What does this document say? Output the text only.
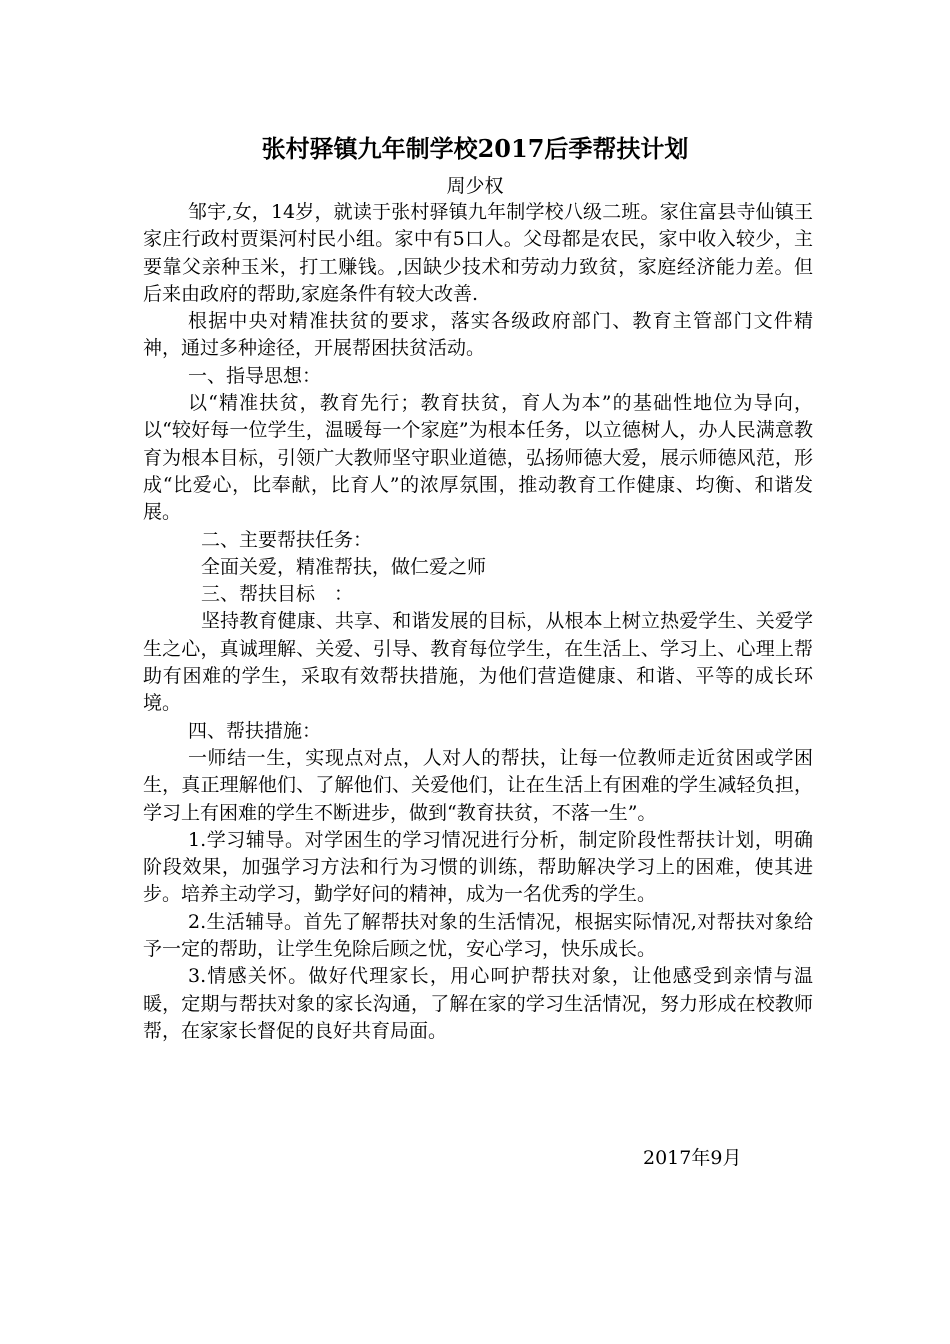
张村驿镇九年制学校2017后季帮扶计划
周少权

邹宇,女，14岁，就读于张村驿镇九年制学校八级二班。家住富县寺仙镇王家庄行政村贾渠河村民小组。家中有5口人。父母都是农民，家中收入较少，主要靠父亲种玉米，打工赚钱。,因缺少技术和劳动力致贫，家庭经济能力差。但后来由政府的帮助,家庭条件有较大改善.

根据中央对精准扶贫的要求，落实各级政府部门、教育主管部门文件精神，通过多种途径，开展帮困扶贫活动。

一、指导思想：

以“精准扶贫，教育先行；教育扶贫，育人为本”的基础性地位为导向，以“较好每一位学生，温暖每一个家庭”为根本任务，以立德树人，办人民满意教育为根本目标，引领广大教师坚守职业道德，弘扬师德大爱，展示师德风范，形成“比爱心，比奉献，比育人”的浓厚氛围，推动教育工作健康、均衡、和谐发展。

二、主要帮扶任务：

全面关爱，精准帮扶，做仁爱之师

三、帮扶目标　：

坚持教育健康、共享、和谐发展的目标，从根本上树立热爱学生、关爱学生之心，真诚理解、关爱、引导、教育每位学生，在生活上、学习上、心理上帮助有困难的学生，采取有效帮扶措施，为他们营造健康、和谐、平等的成长环境。

四、帮扶措施：

一师结一生，实现点对点，人对人的帮扶，让每一位教师走近贫困或学困生，真正理解他们、了解他们、关爱他们，让在生活上有困难的学生减轻负担，学习上有困难的学生不断进步，做到“教育扶贫，不落一生”。

1.学习辅导。对学困生的学习情况进行分析，制定阶段性帮扶计划，明确阶段效果，加强学习方法和行为习惯的训练，帮助解决学习上的困难，使其进步。培养主动学习，勤学好问的精神，成为一名优秀的学生。

2.生活辅导。首先了解帮扶对象的生活情况，根据实际情况,对帮扶对象给予一定的帮助，让学生免除后顾之忧，安心学习，快乐成长。

3.情感关怀。做好代理家长，用心呵护帮扶对象，让他感受到亲情与温暖，定期与帮扶对象的家长沟通，了解在家的学习生活情况，努力形成在校教师帮，在家家长督促的良好共育局面。

2017年9月
